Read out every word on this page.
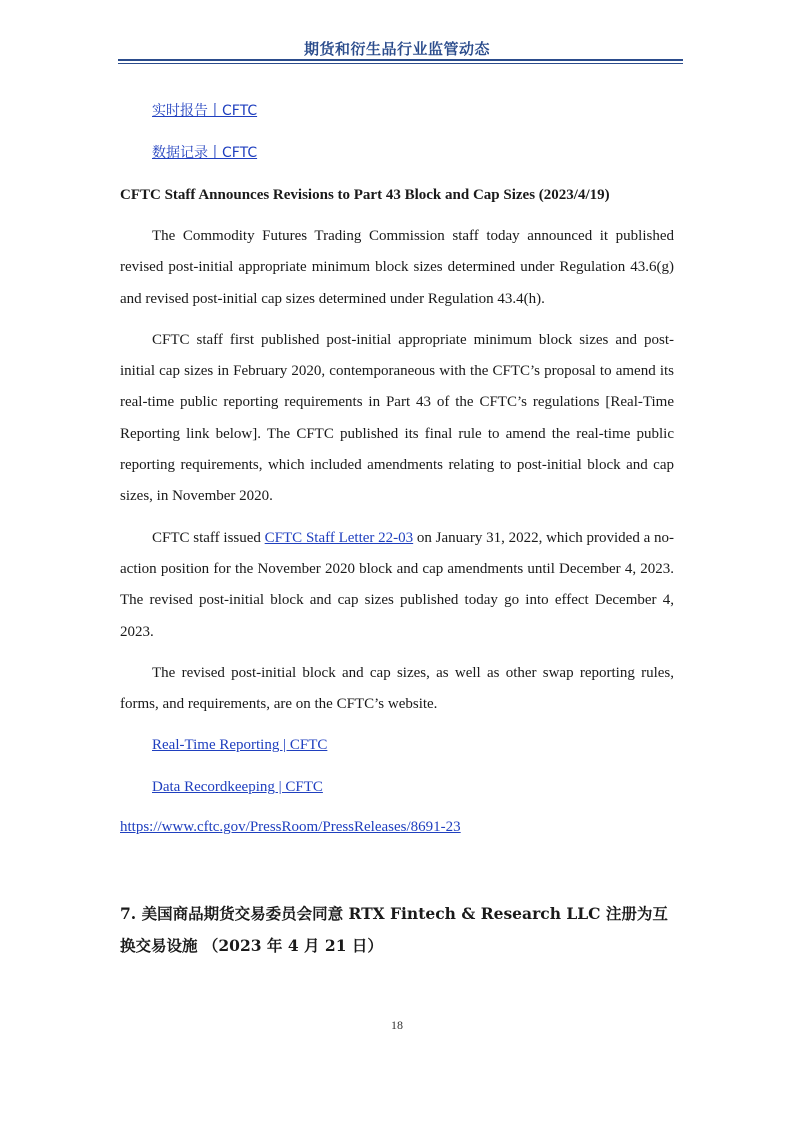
期货和衍生品行业监管动态
实时报告丨CFTC
数据记录丨CFTC
CFTC Staff Announces Revisions to Part 43 Block and Cap Sizes (2023/4/19)

The Commodity Futures Trading Commission staff today announced it published revised post-initial appropriate minimum block sizes determined under Regulation 43.6(g) and revised post-initial cap sizes determined under Regulation 43.4(h).

CFTC staff first published post-initial appropriate minimum block sizes and post-initial cap sizes in February 2020, contemporaneous with the CFTC’s proposal to amend its real-time public reporting requirements in Part 43 of the CFTC’s regulations [Real-Time Reporting link below]. The CFTC published its final rule to amend the real-time public reporting requirements, which included amendments relating to post-initial block and cap sizes, in November 2020.

CFTC staff issued CFTC Staff Letter 22-03 on January 31, 2022, which provided a no-action position for the November 2020 block and cap amendments until December 4, 2023. The revised post-initial block and cap sizes published today go into effect December 4, 2023.

The revised post-initial block and cap sizes, as well as other swap reporting rules, forms, and requirements, are on the CFTC’s website.

Real-Time Reporting | CFTC
Data Recordkeeping | CFTC
https://www.cftc.gov/PressRoom/PressReleases/8691-23
7. 美国商品期货交易委员会同意 RTX Fintech & Research LLC 注册为互换交易设施 （2023 年 4 月 21 日）
18
